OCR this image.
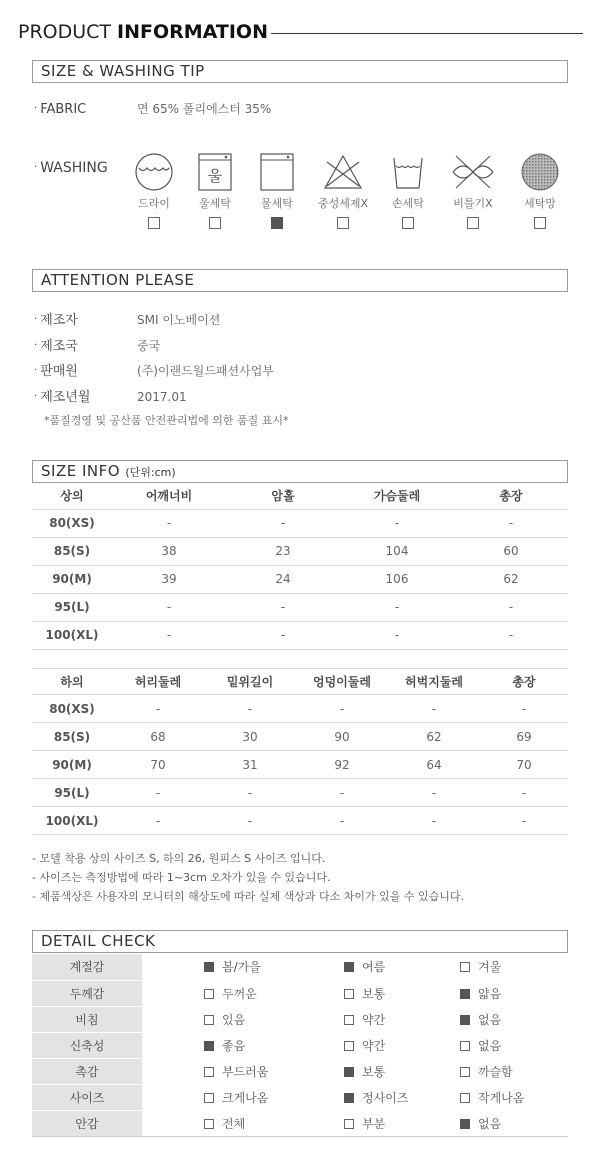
PRODUCT INFORMATION
SIZE & WASHING TIP
· FABRIC	면 65% 폴리에스터 35%
· WASHING
드라이
울
울세탁	물세탁	중성세제X	손세탁	비틀기X	세탁망
ATTENTION PLEASE
· 제조자	SMI 이노베이션
· 제조국	중국
· 판매원	(주)이랜드월드패션사업부
· 제조년월	2017.01
*품질경영 및 공산품 안전관리법에 의한 품질 표시*
SIZE INFO (단위:cm)
상의	어깨너비	암홀	가슴둘레	총장
80(XS)	-	-	-	-
85(S)	38	23	104	60
90(M)	39	24	106	62
95(L)	-	-	-	-
100(XL)	-	-	-	-
하의	허리둘레	밑위길이	엉덩이둘레	허벅지둘레	총장
80(XS)	-	-	-	-	-
85(S)	68	30	90	62	69
90(M)	70	31	92	64	70
95(L)	-	-	-	-	-
100(XL)	-	-	-	-	-
- 모델 착용 상의 사이즈 S, 하의 26, 원피스 S 사이즈 입니다.
- 사이즈는 측정방법에 따라 1~3cm 오차가 있을 수 있습니다.
- 제품색상은 사용자의 모니터의 해상도에 따라 실제 색상과 다소 차이가 있을 수 있습니다.
DETAIL CHECK
계절감	봄/가을	여름	겨울
두께감	두꺼운	보통	얇음
비침	있음	약간	없음
신축성	좋음	약간	없음
촉감	부드러움	보통	까슬함
사이즈	크게나옴	정사이즈	작게나옴
안감	전체	부분	없음
